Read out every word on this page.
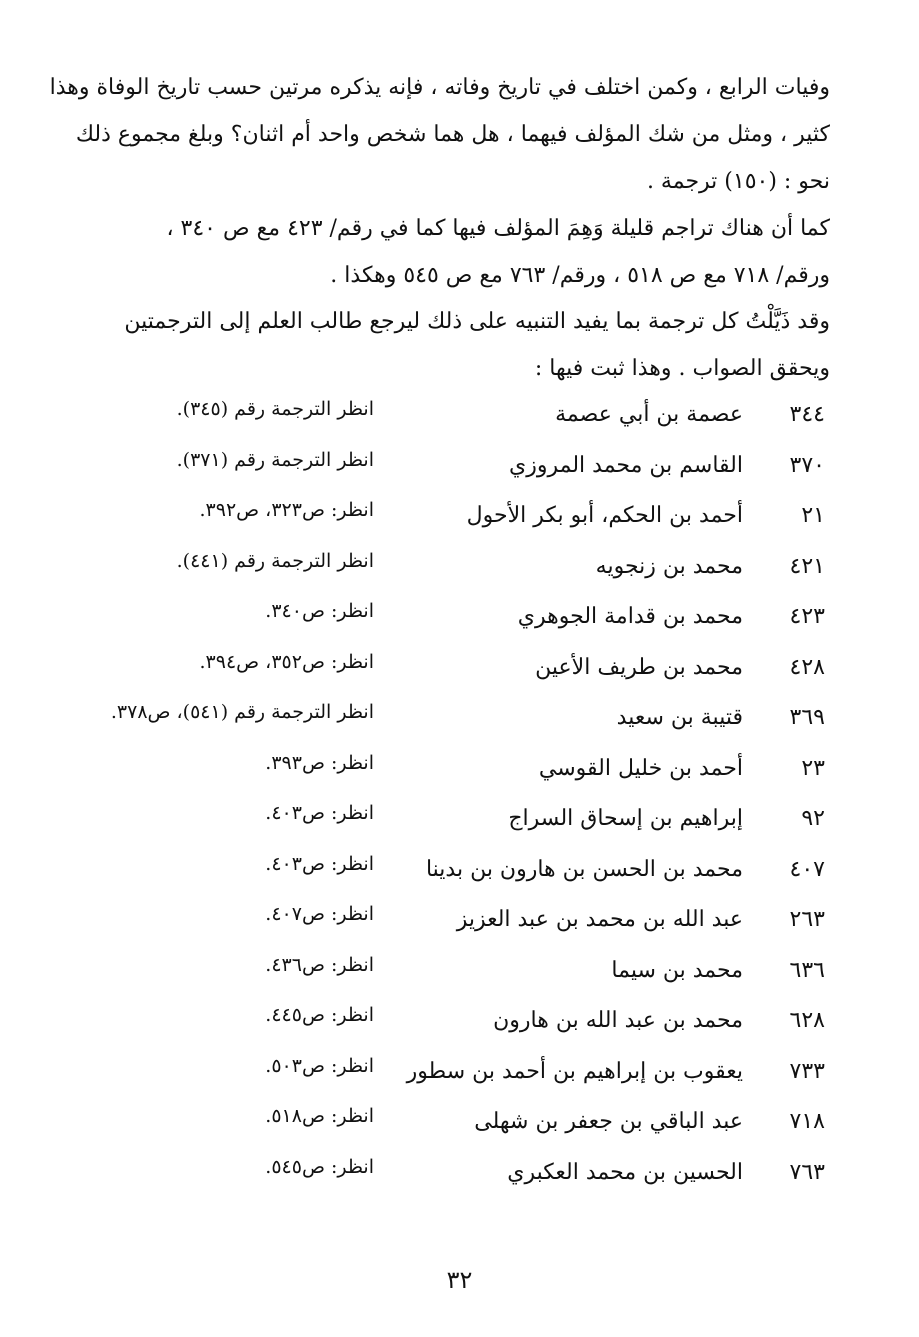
وفيات الرابع ، وكمن اختلف في تاريخ وفاته ، فإنه يذكره مرتين حسب تاريخ الوفاة وهذا
كثير ، ومثل من شك المؤلف فيهما ، هل هما شخص واحد أم اثنان؟ وبلغ مجموع ذلك
نحو : (١٥٠) ترجمة .
كما أن هناك تراجم قليلة وَهِمَ المؤلف فيها كما في رقم/ ٤٢٣ مع ص ٣٤٠ ،
ورقم/ ٧١٨ مع ص ٥١٨ ، ورقم/ ٧٦٣ مع ص ٥٤٥ وهكذا .
وقد ذَيَّلْتُ كل ترجمة بما يفيد التنبيه على ذلك ليرجع طالب العلم إلى الترجمتين
ويحقق الصواب . وهذا ثبت فيها :
٣٤٤
عصمة بن أبي عصمة
انظر الترجمة رقم (٣٤٥).
٣٧٠
القاسم بن محمد المروزي
انظر الترجمة رقم (٣٧١).
٢١
أحمد بن الحكم، أبو بكر الأحول
انظر: ص٣٢٣، ص٣٩٢.
٤٢١
محمد بن زنجويه
انظر الترجمة رقم (٤٤١).
٤٢٣
محمد بن قدامة الجوهري
انظر: ص٣٤٠.
٤٢٨
محمد بن طريف الأعين
انظر: ص٣٥٢، ص٣٩٤.
٣٦٩
قتيبة بن سعيد
انظر الترجمة رقم (٥٤١)، ص٣٧٨.
٢٣
أحمد بن خليل القوسي
انظر: ص٣٩٣.
٩٢
إبراهيم بن إسحاق السراج
انظر: ص٤٠٣.
٤٠٧
محمد بن الحسن بن هارون بن بدينا
انظر: ص٤٠٣.
٢٦٣
عبد الله بن محمد بن عبد العزيز
انظر: ص٤٠٧.
٦٣٦
محمد بن سيما
انظر: ص٤٣٦.
٦٢٨
محمد بن عبد الله بن هارون
انظر: ص٤٤٥.
٧٣٣
يعقوب بن إبراهيم بن أحمد بن سطور
انظر: ص٥٠٣.
٧١٨
عبد الباقي بن جعفر بن شهلى
انظر: ص٥١٨.
٧٦٣
الحسين بن محمد العكبري
انظر: ص٥٤٥.
٣٢
